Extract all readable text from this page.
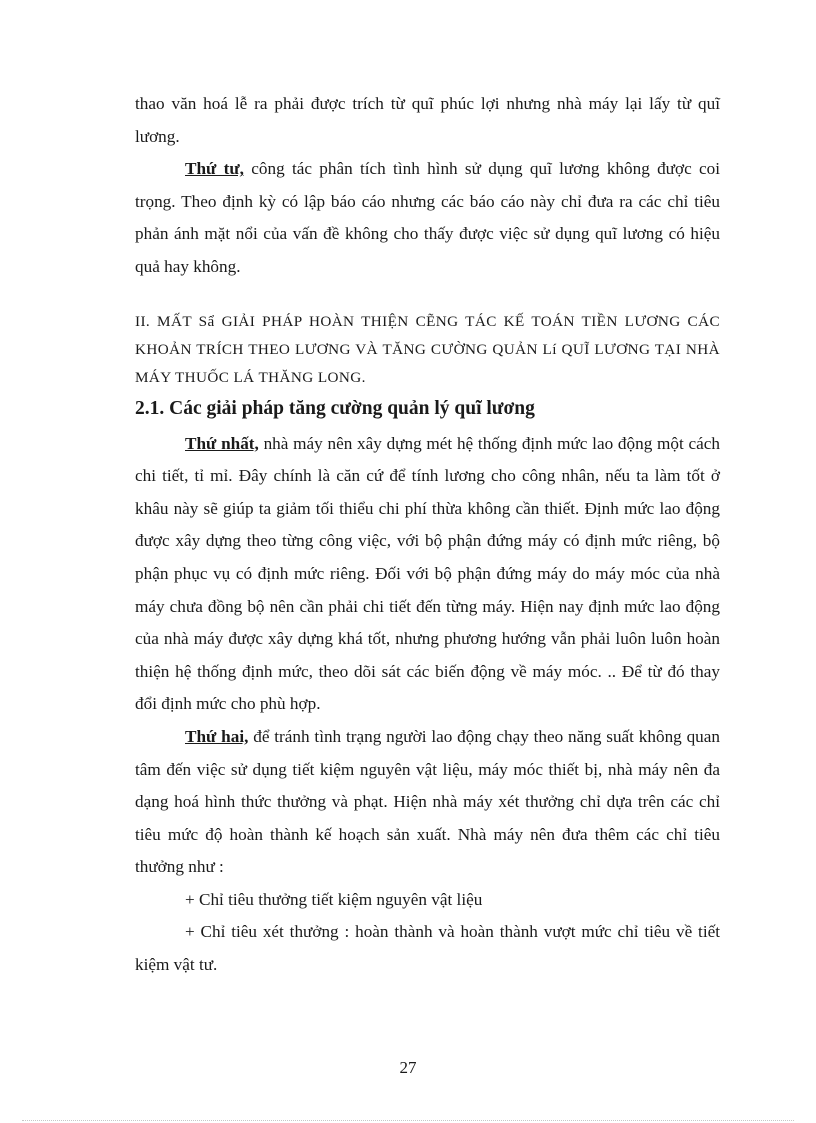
thao văn hoá lễ ra phải được trích từ quĩ phúc lợi nhưng nhà máy lại lấy từ quĩ lương.

Thứ tư, công tác phân tích tình hình sử dụng quĩ lương không được coi trọng. Theo định kỳ có lập báo cáo nhưng các báo cáo này chỉ đưa ra các chỉ tiêu phản ánh mặt nổi của vấn đề không cho thấy được việc sử dụng quĩ lương có hiệu quả hay không.

II. MẤT Sẩ GIẢI PHÁP HOÀN THIỆN CẼNG TÁC KẾ TOÁN TIỀN LƯƠNG CÁC KHOẢN TRÍCH THEO LƯƠNG VÀ TĂNG CƯỜNG QUẢN Lí QUĨ LƯƠNG TẠI NHÀ MÁY THUỐC LÁ THĂNG LONG.

2.1. Các giải pháp tăng cường quản lý quĩ lương

Thứ nhất, nhà máy nên xây dựng mét hệ thống định mức lao động một cách chi tiết, tỉ mỉ. Đây chính là căn cứ để tính lương cho công nhân, nếu ta làm tốt ở khâu này sẽ giúp ta giảm tối thiểu chi phí thừa không cần thiết. Định mức lao động được xây dựng theo từng công việc, với bộ phận đứng máy có định mức riêng, bộ phận phục vụ có định mức riêng. Đối với bộ phận đứng máy do máy móc của nhà máy chưa đồng bộ nên cần phải chi tiết đến từng máy. Hiện nay định mức lao động của nhà máy được xây dựng khá tốt, nhưng phương hướng vẫn phải luôn luôn hoàn thiện hệ thống định mức, theo dõi sát các biến động về máy móc. .. Để từ đó thay đổi định mức cho phù hợp.

Thứ hai, để tránh tình trạng người lao động chạy theo năng suất không quan tâm đến việc sử dụng tiết kiệm nguyên vật liệu, máy móc thiết bị, nhà máy nên đa dạng hoá hình thức thưởng và phạt. Hiện nhà máy xét thưởng chỉ dựa trên các chỉ tiêu mức độ hoàn thành kế hoạch sản xuất. Nhà máy nên đưa thêm các chỉ tiêu thưởng như :

+ Chỉ tiêu thưởng tiết kiệm nguyên vật liệu

+ Chỉ tiêu xét thưởng : hoàn thành và hoàn thành vượt mức chỉ tiêu về tiết kiệm vật tư.

27
